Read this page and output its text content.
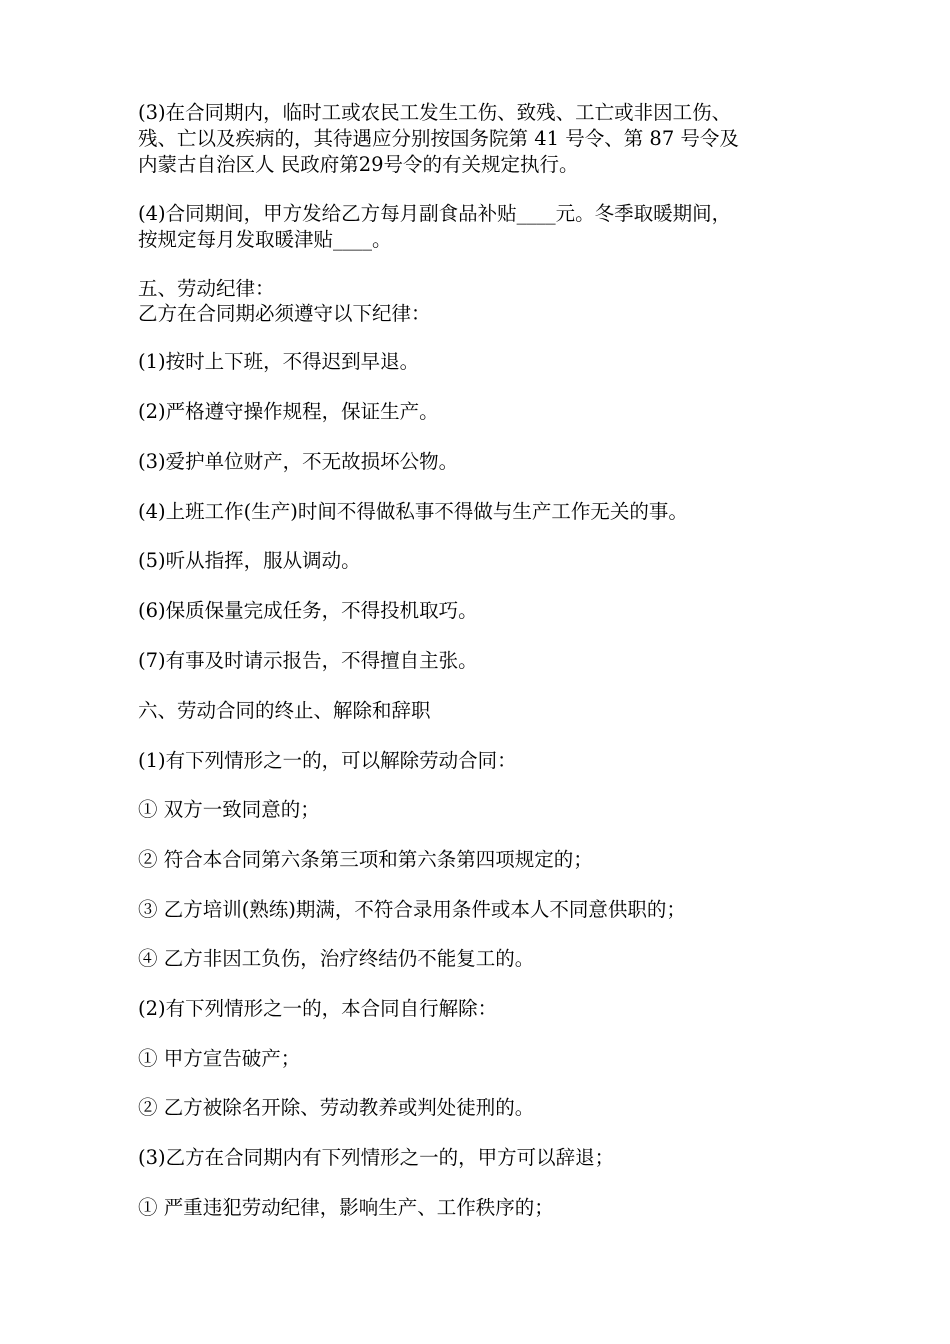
(3)在合同期内，临时工或农民工发生工伤、致残、工亡或非因工伤、
残、亡以及疾病的，其待遇应分别按国务院第 41 号令、第 87 号令及
内蒙古自治区人 民政府第29号令的有关规定执行。
(4)合同期间，甲方发给乙方每月副食品补贴____元。冬季取暖期间，
按规定每月发取暖津贴____。
五、劳动纪律：
乙方在合同期必须遵守以下纪律：
(1)按时上下班，不得迟到早退。
(2)严格遵守操作规程，保证生产。
(3)爱护单位财产，不无故损坏公物。
(4)上班工作(生产)时间不得做私事不得做与生产工作无关的事。
(5)听从指挥，服从调动。
(6)保质保量完成任务，不得投机取巧。
(7)有事及时请示报告，不得擅自主张。
六、劳动合同的终止、解除和辞职
(1)有下列情形之一的，可以解除劳动合同：
① 双方一致同意的；
② 符合本合同第六条第三项和第六条第四项规定的；
③ 乙方培训(熟练)期满，不符合录用条件或本人不同意供职的；
④ 乙方非因工负伤，治疗终结仍不能复工的。
(2)有下列情形之一的，本合同自行解除：
① 甲方宣告破产；
② 乙方被除名开除、劳动教养或判处徒刑的。
(3)乙方在合同期内有下列情形之一的，甲方可以辞退；
① 严重违犯劳动纪律，影响生产、工作秩序的；
